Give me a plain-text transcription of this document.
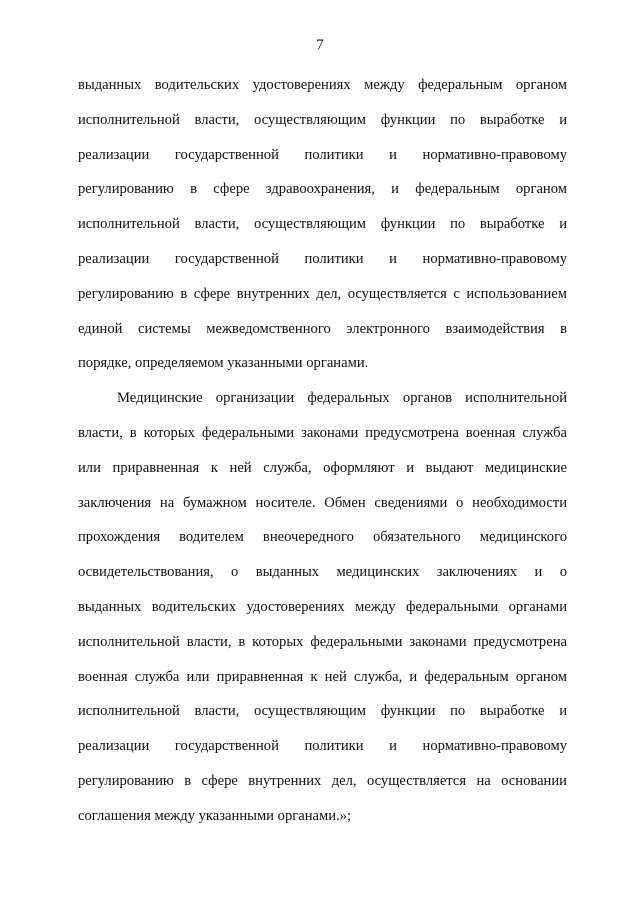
7

выданных водительских удостоверениях между федеральным органом
исполнительной власти, осуществляющим функции по выработке и
реализации государственной политики и нормативно-правовому
регулированию в сфере здравоохранения, и федеральным органом
исполнительной власти, осуществляющим функции по выработке и
реализации государственной политики и нормативно-правовому
регулированию в сфере внутренних дел, осуществляется с использованием
единой системы межведомственного электронного взаимодействия в
порядке, определяемом указанными органами.

Медицинские организации федеральных органов исполнительной
власти, в которых федеральными законами предусмотрена военная служба
или приравненная к ней служба, оформляют и выдают медицинские
заключения на бумажном носителе. Обмен сведениями о необходимости
прохождения водителем внеочередного обязательного медицинского
освидетельствования, о выданных медицинских заключениях и о
выданных водительских удостоверениях между федеральными органами
исполнительной власти, в которых федеральными законами предусмотрена
военная служба или приравненная к ней служба, и федеральным органом
исполнительной власти, осуществляющим функции по выработке и
реализации государственной политики и нормативно-правовому
регулированию в сфере внутренних дел, осуществляется на основании
соглашения между указанными органами.»;
